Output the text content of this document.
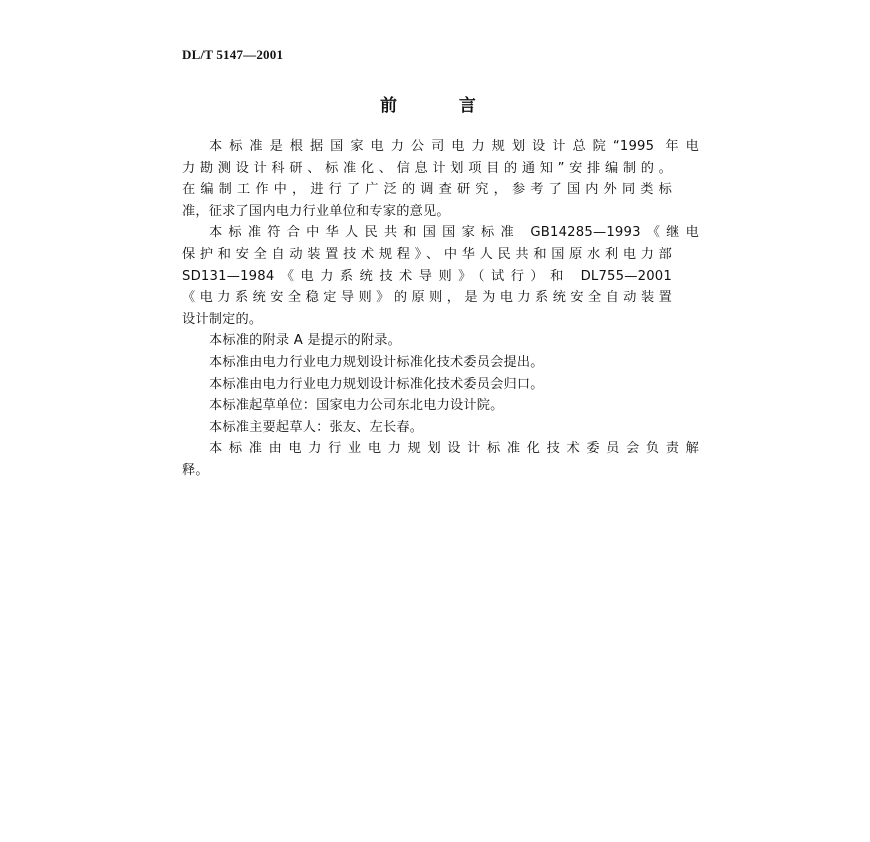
DL/T 5147—2001
前 言
本标准是根据国家电力公司电力规划设计总院“1995 年电
力勘测设计科研、标准化、信息计划项目的通知”安排编制的。
在编制工作中，进行了广泛的调查研究，参考了国内外同类标
准，征求了国内电力行业单位和专家的意见。
本标准符合中华人民共和国国家标准 GB14285—1993《继电
保护和安全自动装置技术规程》、中华人民共和国原水利电力部
SD131—1984《电力系统技术导则》（试行）和 DL755—2001
《电力系统安全稳定导则》的原则，是为电力系统安全自动装置
设计制定的。
本标准的附录 A 是提示的附录。
本标准由电力行业电力规划设计标准化技术委员会提出。
本标准由电力行业电力规划设计标准化技术委员会归口。
本标准起草单位：国家电力公司东北电力设计院。
本标准主要起草人：张友、左长春。
本标准由电力行业电力规划设计标准化技术委员会负责解
释。
